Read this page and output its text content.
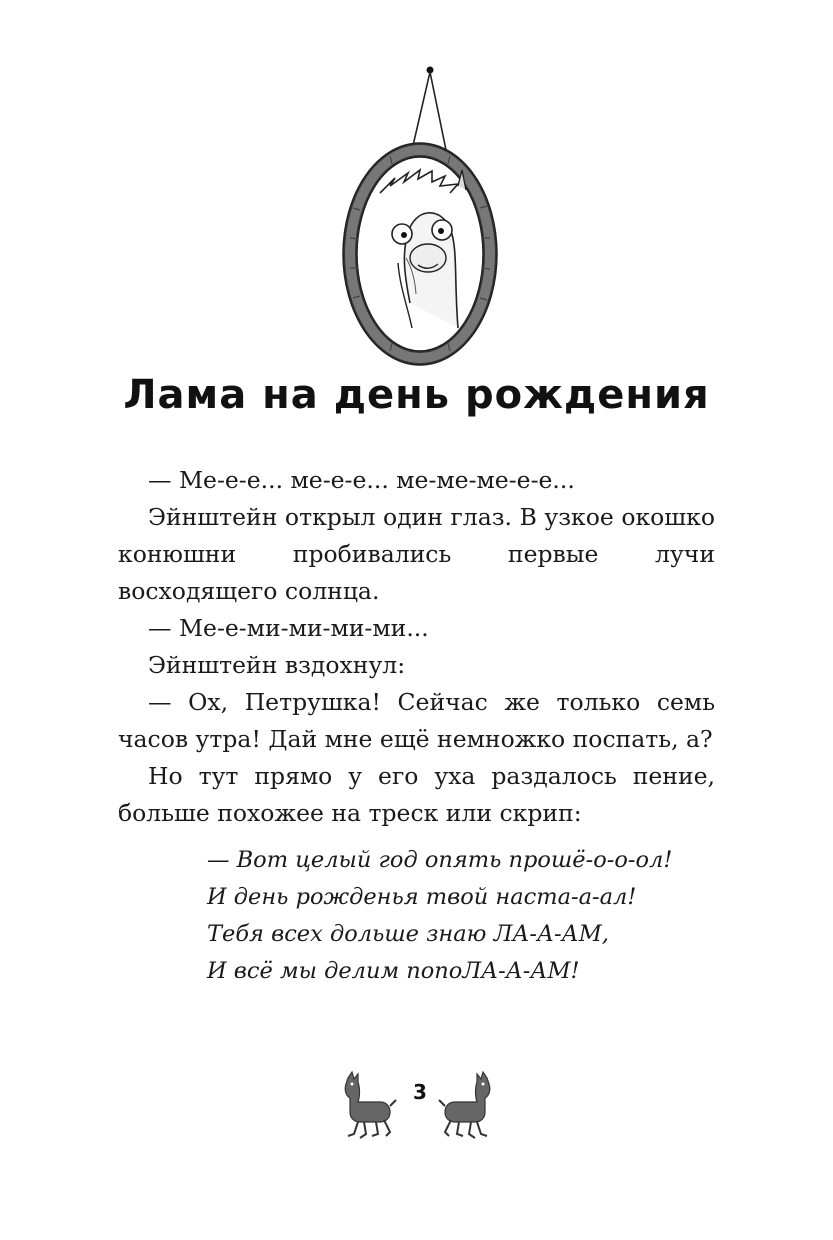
Лама на день рождения

— Ме-е-е... ме-е-е... ме-ме-ме-е-е...

Эйнштейн открыл один глаз. В узкое окошко конюшни пробивались первые лучи восходящего солнца.

— Ме-е-ми-ми-ми-ми...

Эйнштейн вздохнул:

— Ох, Петрушка! Сейчас же только семь часов утра! Дай мне ещё немножко поспать, а?

Но тут прямо у его уха раздалось пение, больше похожее на треск или скрип:

— Вот целый год опять прошё-о-о-ол!
И день рожденья твой наста-а-ал!
Тебя всех дольше знаю ЛА-А-АМ,
И всё мы делим попоЛА-А-АМ!
3
